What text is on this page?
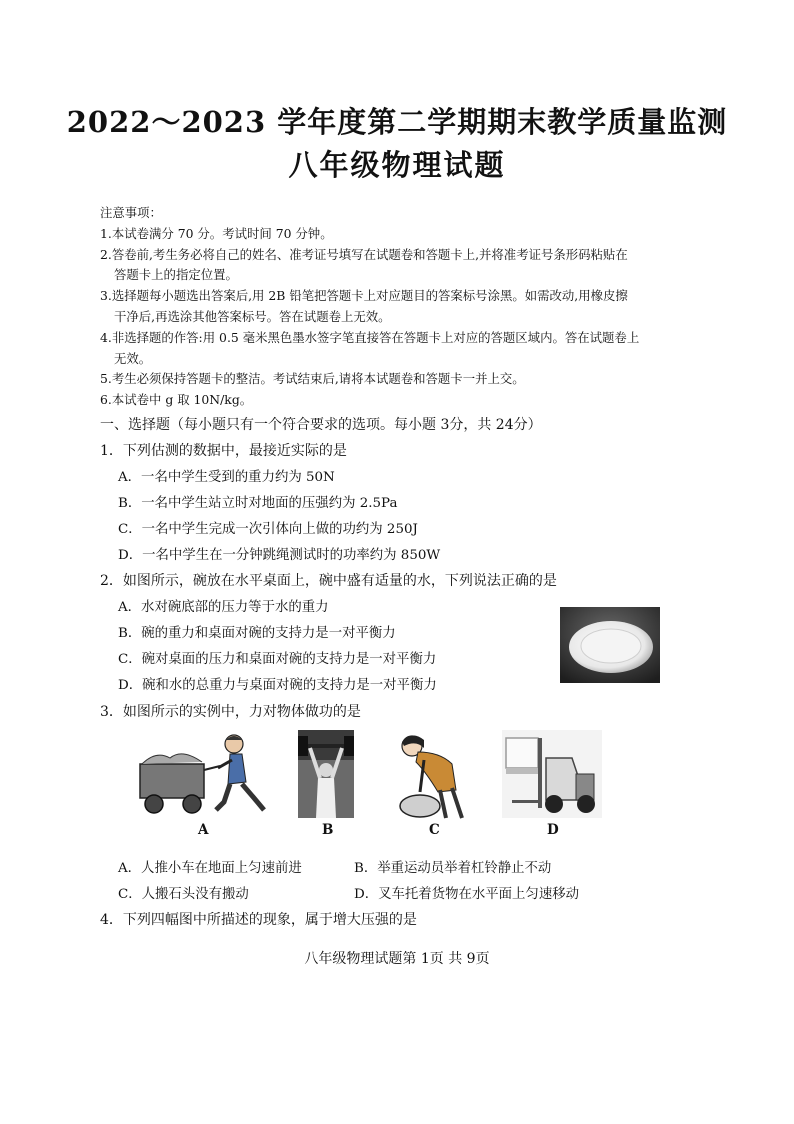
2022～2023 学年度第二学期期末教学质量监测
八年级物理试题
注意事项：
1.本试卷满分 70 分。考试时间 70 分钟。
2.答卷前,考生务必将自己的姓名、准考证号填写在试题卷和答题卡上,并将准考证号条形码粘贴在
答题卡上的指定位置。
3.选择题每小题选出答案后,用 2B 铅笔把答题卡上对应题目的答案标号涂黑。如需改动,用橡皮擦
干净后,再选涂其他答案标号。答在试题卷上无效。
4.非选择题的作答:用 0.5 毫米黑色墨水签字笔直接答在答题卡上对应的答题区域内。答在试题卷上
无效。
5.考生必须保持答题卡的整洁。考试结束后,请将本试题卷和答题卡一并上交。
6.本试卷中 g 取 10N/kg。
一、选择题（每小题只有一个符合要求的选项。每小题 3分，共 24分）
1．下列估测的数据中，最接近实际的是
A．一名中学生受到的重力约为 50N
B．一名中学生站立时对地面的压强约为 2.5Pa
C．一名中学生完成一次引体向上做的功约为 250J
D．一名中学生在一分钟跳绳测试时的功率约为 850W
2．如图所示，碗放在水平桌面上，碗中盛有适量的水，下列说法正确的是
A．水对碗底部的压力等于水的重力
B．碗的重力和桌面对碗的支持力是一对平衡力
C．碗对桌面的压力和桌面对碗的支持力是一对平衡力
D．碗和水的总重力与桌面对碗的支持力是一对平衡力
3．如图所示的实例中，力对物体做功的是
A	B	C	D
A．人推小车在地面上匀速前进	B．举重运动员举着杠铃静止不动
C．人搬石头没有搬动	D．叉车托着货物在水平面上匀速移动
4．下列四幅图中所描述的现象，属于增大压强的是
八年级物理试题第 1页 共 9页
